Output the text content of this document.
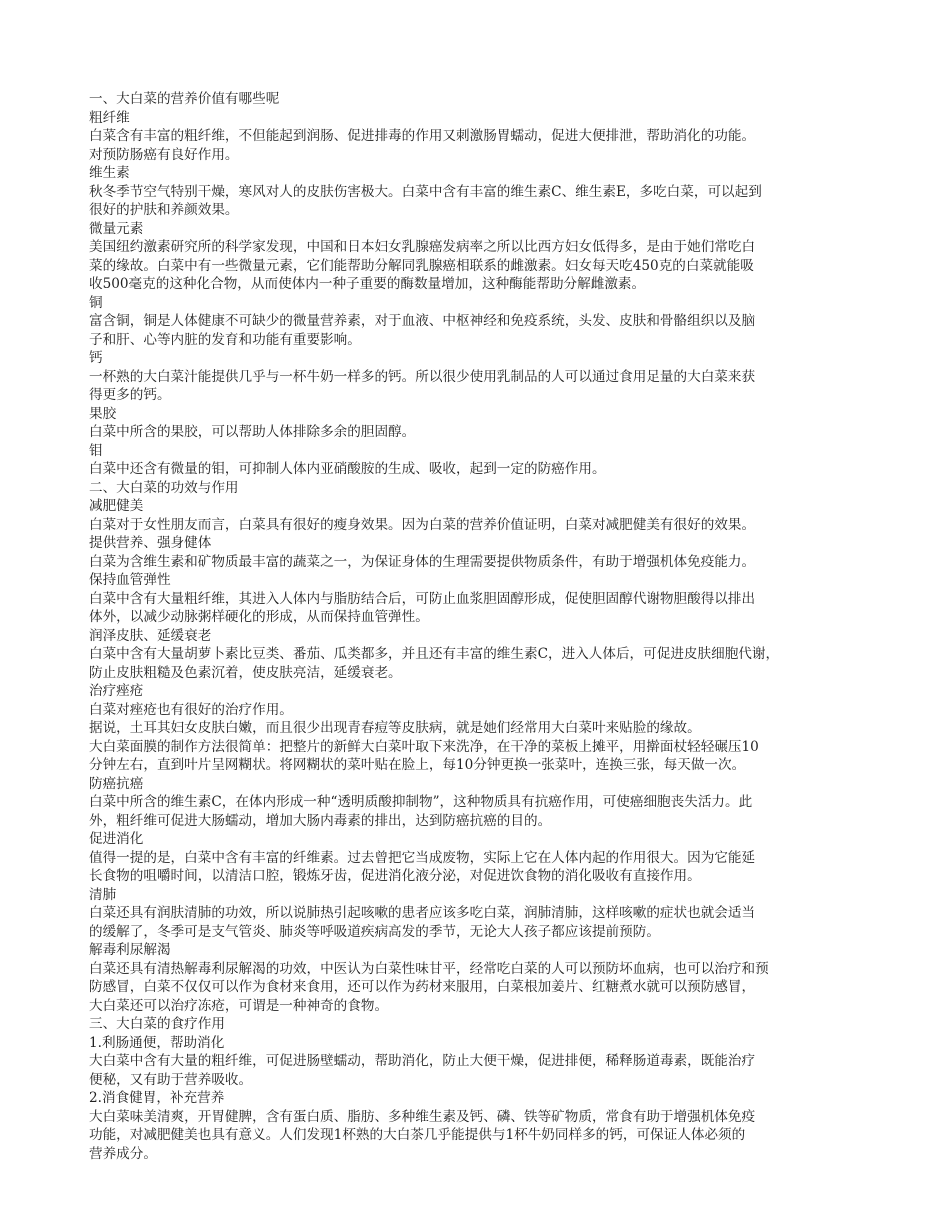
一、大白菜的营养价值有哪些呢

粗纤维

白菜含有丰富的粗纤维，不但能起到润肠、促进排毒的作用又刺激肠胃蠕动，促进大便排泄，帮助消化的功能。

对预防肠癌有良好作用。

维生素

秋冬季节空气特别干燥，寒风对人的皮肤伤害极大。白菜中含有丰富的维生素C、维生素E，多吃白菜，可以起到

很好的护肤和养颜效果。

微量元素

美国纽约激素研究所的科学家发现，中国和日本妇女乳腺癌发病率之所以比西方妇女低得多，是由于她们常吃白

菜的缘故。白菜中有一些微量元素，它们能帮助分解同乳腺癌相联系的雌激素。妇女每天吃450克的白菜就能吸

收500毫克的这种化合物，从而使体内一种子重要的酶数量增加，这种酶能帮助分解雌激素。

铜

富含铜，铜是人体健康不可缺少的微量营养素，对于血液、中枢神经和免疫系统，头发、皮肤和骨骼组织以及脑

子和肝、心等内脏的发育和功能有重要影响。

钙

一杯熟的大白菜汁能提供几乎与一杯牛奶一样多的钙。所以很少使用乳制品的人可以通过食用足量的大白菜来获

得更多的钙。

果胶

白菜中所含的果胶，可以帮助人体排除多余的胆固醇。

钼

白菜中还含有微量的钼，可抑制人体内亚硝酸胺的生成、吸收，起到一定的防癌作用。

二、大白菜的功效与作用

减肥健美

白菜对于女性朋友而言，白菜具有很好的瘦身效果。因为白菜的营养价值证明，白菜对减肥健美有很好的效果。

提供营养、强身健体

白菜为含维生素和矿物质最丰富的蔬菜之一，为保证身体的生理需要提供物质条件，有助于增强机体免疫能力。

保持血管弹性

白菜中含有大量粗纤维，其进入人体内与脂肪结合后，可防止血浆胆固醇形成，促使胆固醇代谢物胆酸得以排出

体外，以减少动脉粥样硬化的形成，从而保持血管弹性。

润泽皮肤、延缓衰老

白菜中含有大量胡萝卜素比豆类、番茄、瓜类都多，并且还有丰富的维生素C，进入人体后，可促进皮肤细胞代谢，

防止皮肤粗糙及色素沉着，使皮肤亮洁，延缓衰老。

治疗痤疮

白菜对痤疮也有很好的治疗作用。

据说，土耳其妇女皮肤白嫩，而且很少出现青春痘等皮肤病，就是她们经常用大白菜叶来贴脸的缘故。

大白菜面膜的制作方法很简单：把整片的新鲜大白菜叶取下来洗净，在干净的菜板上摊平，用擀面杖轻轻碾压10

分钟左右，直到叶片呈网糊状。将网糊状的菜叶贴在脸上，每10分钟更换一张菜叶，连换三张，每天做一次。

防癌抗癌

白菜中所含的维生素C，在体内形成一种“透明质酸抑制物”，这种物质具有抗癌作用，可使癌细胞丧失活力。此

外，粗纤维可促进大肠蠕动，增加大肠内毒素的排出，达到防癌抗癌的目的。

促进消化

值得一提的是，白菜中含有丰富的纤维素。过去曾把它当成废物，实际上它在人体内起的作用很大。因为它能延

长食物的咀嚼时间，以清洁口腔，锻炼牙齿，促进消化液分泌，对促进饮食物的消化吸收有直接作用。

清肺

白菜还具有润肤清肺的功效，所以说肺热引起咳嗽的患者应该多吃白菜，润肺清肺，这样咳嗽的症状也就会适当

的缓解了，冬季可是支气管炎、肺炎等呼吸道疾病高发的季节，无论大人孩子都应该提前预防。

解毒利尿解渴

白菜还具有清热解毒利尿解渴的功效，中医认为白菜性味甘平，经常吃白菜的人可以预防坏血病，也可以治疗和预

防感冒，白菜不仅仅可以作为食材来食用，还可以作为药材来服用，白菜根加姜片、红糖煮水就可以预防感冒，

大白菜还可以治疗冻疮，可谓是一种神奇的食物。

三、大白菜的食疗作用

1.利肠通便，帮助消化

大白菜中含有大量的粗纤维，可促进肠壁蠕动，帮助消化，防止大便干燥，促进排便，稀释肠道毒素，既能治疗

便秘，又有助于营养吸收。

2.消食健胃，补充营养

大白菜味美清爽，开胃健脾，含有蛋白质、脂肪、多种维生素及钙、磷、铁等矿物质，常食有助于增强机体免疫

功能，对减肥健美也具有意义。人们发现1杯熟的大白茶几乎能提供与1杯牛奶同样多的钙，可保证人体必须的

营养成分。
